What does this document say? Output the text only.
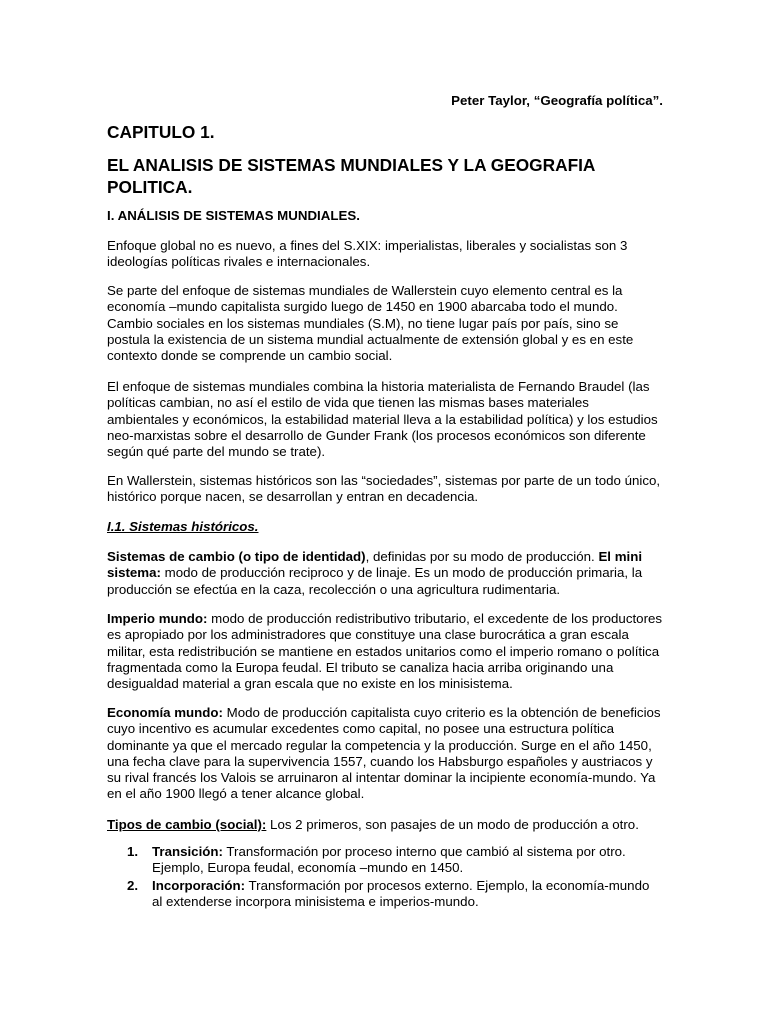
Peter Taylor, “Geografía política”.
CAPITULO 1.
EL ANALISIS DE SISTEMAS MUNDIALES Y LA GEOGRAFIA POLITICA.
I. ANÁLISIS DE SISTEMAS MUNDIALES.

Enfoque global no es nuevo, a fines del S.XIX: imperialistas, liberales y socialistas son 3 ideologías políticas rivales e internacionales.

Se parte del enfoque de sistemas mundiales de Wallerstein cuyo elemento central es la economía –mundo capitalista surgido luego de 1450 en 1900 abarcaba todo el mundo. Cambio sociales en los sistemas mundiales (S.M), no tiene lugar país por país, sino se postula la existencia de un sistema mundial actualmente de extensión global y es en este contexto donde se comprende un cambio social.

El enfoque de sistemas mundiales combina la historia materialista de Fernando Braudel (las políticas cambian, no así el estilo de vida que tienen las mismas bases materiales ambientales y económicos, la estabilidad material lleva a la estabilidad política) y los estudios neo-marxistas sobre el desarrollo de Gunder Frank (los procesos económicos son diferente según qué parte del mundo se trate).

En Wallerstein, sistemas históricos son las “sociedades”, sistemas por parte de un todo único, histórico porque nacen, se desarrollan y entran en decadencia.

I.1. Sistemas históricos.

Sistemas de cambio (o tipo de identidad), definidas por su modo de producción. El mini sistema: modo de producción reciproco y de linaje. Es un modo de producción primaria, la producción se efectúa en la caza, recolección o una agricultura rudimentaria.

Imperio mundo: modo de producción redistributivo tributario, el excedente de los productores es apropiado por los administradores que constituye una clase burocrática a gran escala militar, esta redistribución se mantiene en estados unitarios como el imperio romano o política fragmentada como la Europa feudal. El tributo se canaliza hacia arriba originando una desigualdad material a gran escala que no existe en los minisistema.

Economía mundo: Modo de producción capitalista cuyo criterio es la obtención de beneficios cuyo incentivo es acumular excedentes como capital, no posee una estructura política dominante ya que el mercado regular la competencia y la producción. Surge en el año 1450, una fecha clave para la supervivencia 1557, cuando los Habsburgo españoles y austriacos y su rival francés los Valois se arruinaron al intentar dominar la incipiente economía-mundo. Ya en el año 1900 llegó a tener alcance global.

Tipos de cambio (social): Los 2 primeros, son pasajes de un modo de producción a otro.

1. Transición: Transformación por proceso interno que cambió al sistema por otro. Ejemplo, Europa feudal, economía –mundo en 1450.
2. Incorporación: Transformación por procesos externo. Ejemplo, la economía-mundo al extenderse incorpora minisistema e imperios-mundo.
